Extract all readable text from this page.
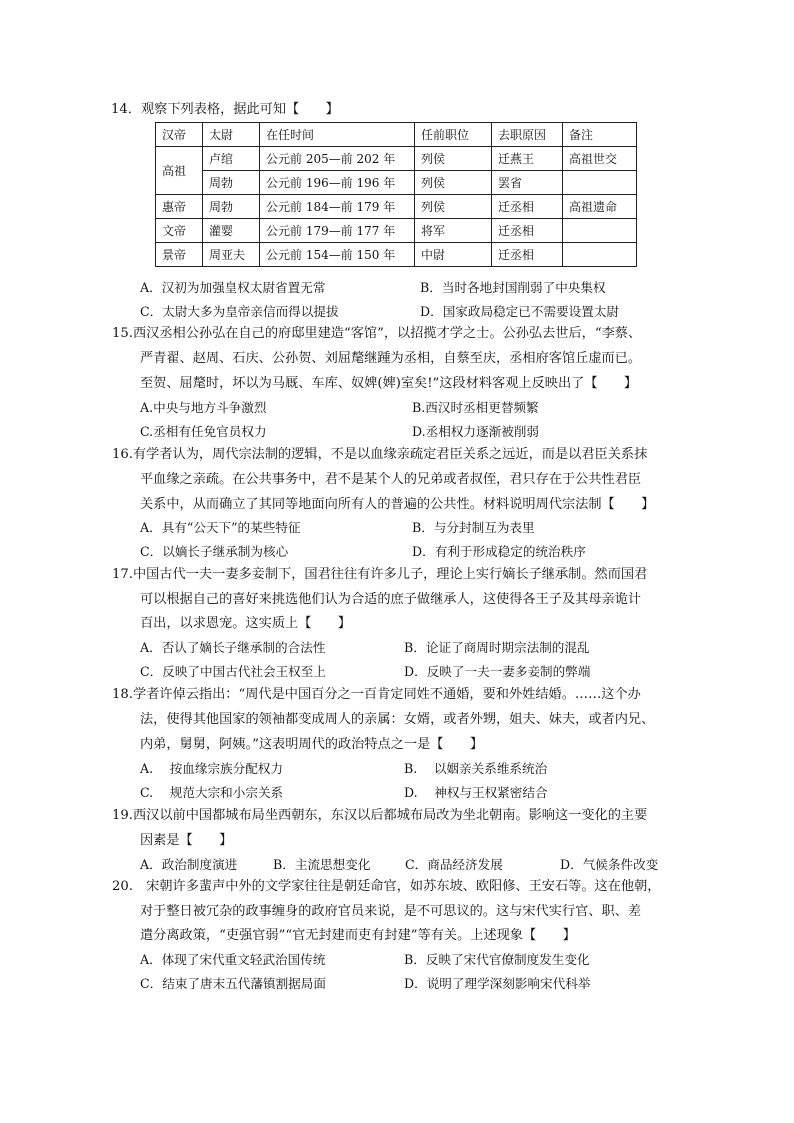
14．观察下列表格，据此可知【　　】
汉帝	太尉	在任时间	任前职位	去职原因	备注
高祖	卢绾	公元前 205—前 202 年	列侯	迁燕王	高祖世交
	周勃	公元前 196—前 196 年	列侯	罢省	
惠帝	周勃	公元前 184—前 179 年	列侯	迁丞相	高祖遗命
文帝	灌婴	公元前 179—前 177 年	将军	迁丞相	
景帝	周亚夫	公元前 154—前 150 年	中尉	迁丞相	
A．汉初为加强皇权太尉省置无常	B．当时各地封国削弱了中央集权
C．太尉大多为皇帝亲信而得以提拔	D．国家政局稳定已不需要设置太尉
15.西汉丞相公孙弘在自己的府邸里建造“客馆”，以招揽才学之士。公孙弘去世后，“李蔡、
严青翟、赵周、石庆、公孙贺、刘屈氂继踵为丞相，自蔡至庆，丞相府客馆丘虚而已。
至贺、屈氂时，坏以为马厩、车库、奴婢(婢)室矣!”这段材料客观上反映出了【　　】
A.中央与地方斗争激烈	B.西汉时丞相更替频繁
C.丞相有任免官员权力	D.丞相权力逐渐被削弱
16.有学者认为，周代宗法制的逻辑，不是以血缘亲疏定君臣关系之远近，而是以君臣关系抹
平血缘之亲疏。在公共事务中，君不是某个人的兄弟或者叔侄，君只存在于公共性君臣
关系中，从而确立了其同等地面向所有人的普遍的公共性。材料说明周代宗法制【　　】
A．具有“公天下”的某些特征	B．与分封制互为表里
C．以嫡长子继承制为核心	D．有利于形成稳定的统治秩序
17.中国古代一夫一妻多妾制下，国君往往有许多儿子，理论上实行嫡长子继承制。然而国君
可以根据自己的喜好来挑选他们认为合适的庶子做继承人，这使得各王子及其母亲诡计
百出，以求恩宠。这实质上【　　】
A．否认了嫡长子继承制的合法性	B．论证了商周时期宗法制的混乱
C．反映了中国古代社会王权至上	D．反映了一夫一妻多妾制的弊端
18.学者许倬云指出：“周代是中国百分之一百肯定同姓不通婚，要和外姓结婚。……这个办
法，使得其他国家的领袖都变成周人的亲属：女婿，或者外甥，姐夫、妹夫，或者内兄、
内弟，舅舅，阿姨。”这表明周代的政治特点之一是【　　】
A.　 按血缘宗族分配权力	B.　 以姻亲关系维系统治
C.　 规范大宗和小宗关系	D.　 神权与王权紧密结合
19.西汉以前中国都城布局坐西朝东，东汉以后都城布局改为坐北朝南。影响这一变化的主要
因素是【　　】
A．政治制度演进	B．主流思想变化	C．商品经济发展	D．气候条件改变
20.　宋朝许多蜚声中外的文学家往往是朝廷命官，如苏东坡、欧阳修、王安石等。这在他朝，
对于整日被冗杂的政事缠身的政府官员来说，是不可思议的。这与宋代实行官、职、差
遣分离政策，“吏强官弱”“官无封建而吏有封建”等有关。上述现象【　　】
A．体现了宋代重文轻武治国传统	B．反映了宋代官僚制度发生变化
C．结束了唐末五代藩镇割据局面	D．说明了理学深刻影响宋代科举
